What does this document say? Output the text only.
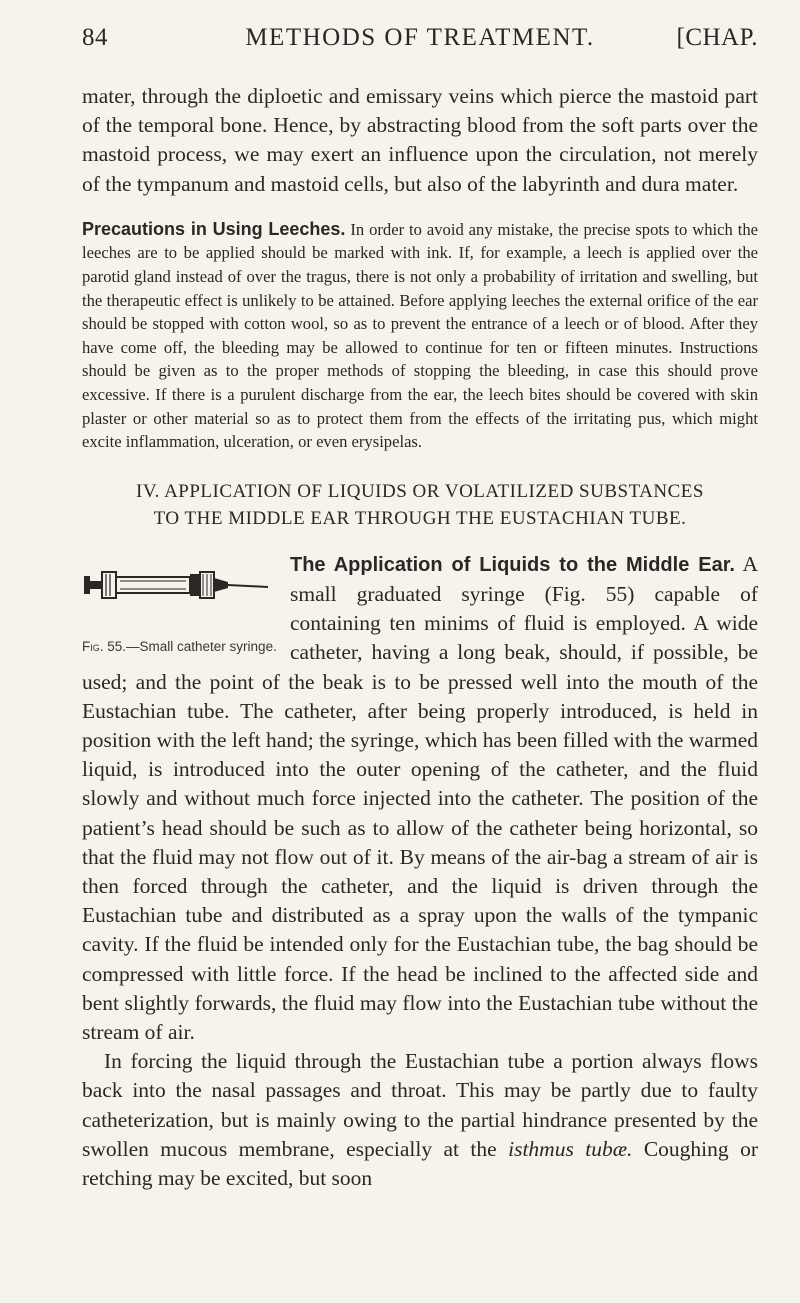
84	METHODS OF TREATMENT.	[CHAP.

mater, through the diploetic and emissary veins which pierce the mastoid part of the temporal bone. Hence, by abstracting blood from the soft parts over the mastoid process, we may exert an influence upon the circulation, not merely of the tympanum and mastoid cells, but also of the labyrinth and dura mater.

Precautions in Using Leeches. In order to avoid any mistake, the precise spots to which the leeches are to be applied should be marked with ink. If, for example, a leech is applied over the parotid gland instead of over the tragus, there is not only a probability of irritation and swelling, but the therapeutic effect is unlikely to be attained. Before applying leeches the external orifice of the ear should be stopped with cotton wool, so as to prevent the entrance of a leech or of blood. After they have come off, the bleeding may be allowed to continue for ten or fifteen minutes. Instructions should be given as to the proper methods of stopping the bleeding, in case this should prove excessive. If there is a purulent discharge from the ear, the leech bites should be covered with skin plaster or other material so as to protect them from the effects of the irritating pus, which might excite inflammation, ulceration, or even erysipelas.

IV. APPLICATION OF LIQUIDS OR VOLATILIZED SUBSTANCES
TO THE MIDDLE EAR THROUGH THE EUSTACHIAN TUBE.

The Application of Liquids to the Middle Ear.
Fig. 55.—Small catheter syringe.
A small graduated syringe (Fig. 55) capable of containing ten minims of fluid is employed. A wide catheter, having a long beak, should, if possible, be used; and the point of the beak is to be pressed well into the mouth of the Eustachian tube. The catheter, after being properly introduced, is held in position with the left hand; the syringe, which has been filled with the warmed liquid, is introduced into the outer opening of the catheter, and the fluid slowly and without much force injected into the catheter. The position of the patient’s head should be such as to allow of the catheter being horizontal, so that the fluid may not flow out of it. By means of the air-bag a stream of air is then forced through the catheter, and the liquid is driven through the Eustachian tube and distributed as a spray upon the walls of the tympanic cavity. If the fluid be intended only for the Eustachian tube, the bag should be compressed with little force. If the head be inclined to the affected side and bent slightly forwards, the fluid may flow into the Eustachian tube without the stream of air.

In forcing the liquid through the Eustachian tube a portion always flows back into the nasal passages and throat. This may be partly due to faulty catheterization, but is mainly owing to the partial hindrance presented by the swollen mucous membrane, especially at the isthmus tubæ. Coughing or retching may be excited, but soon
